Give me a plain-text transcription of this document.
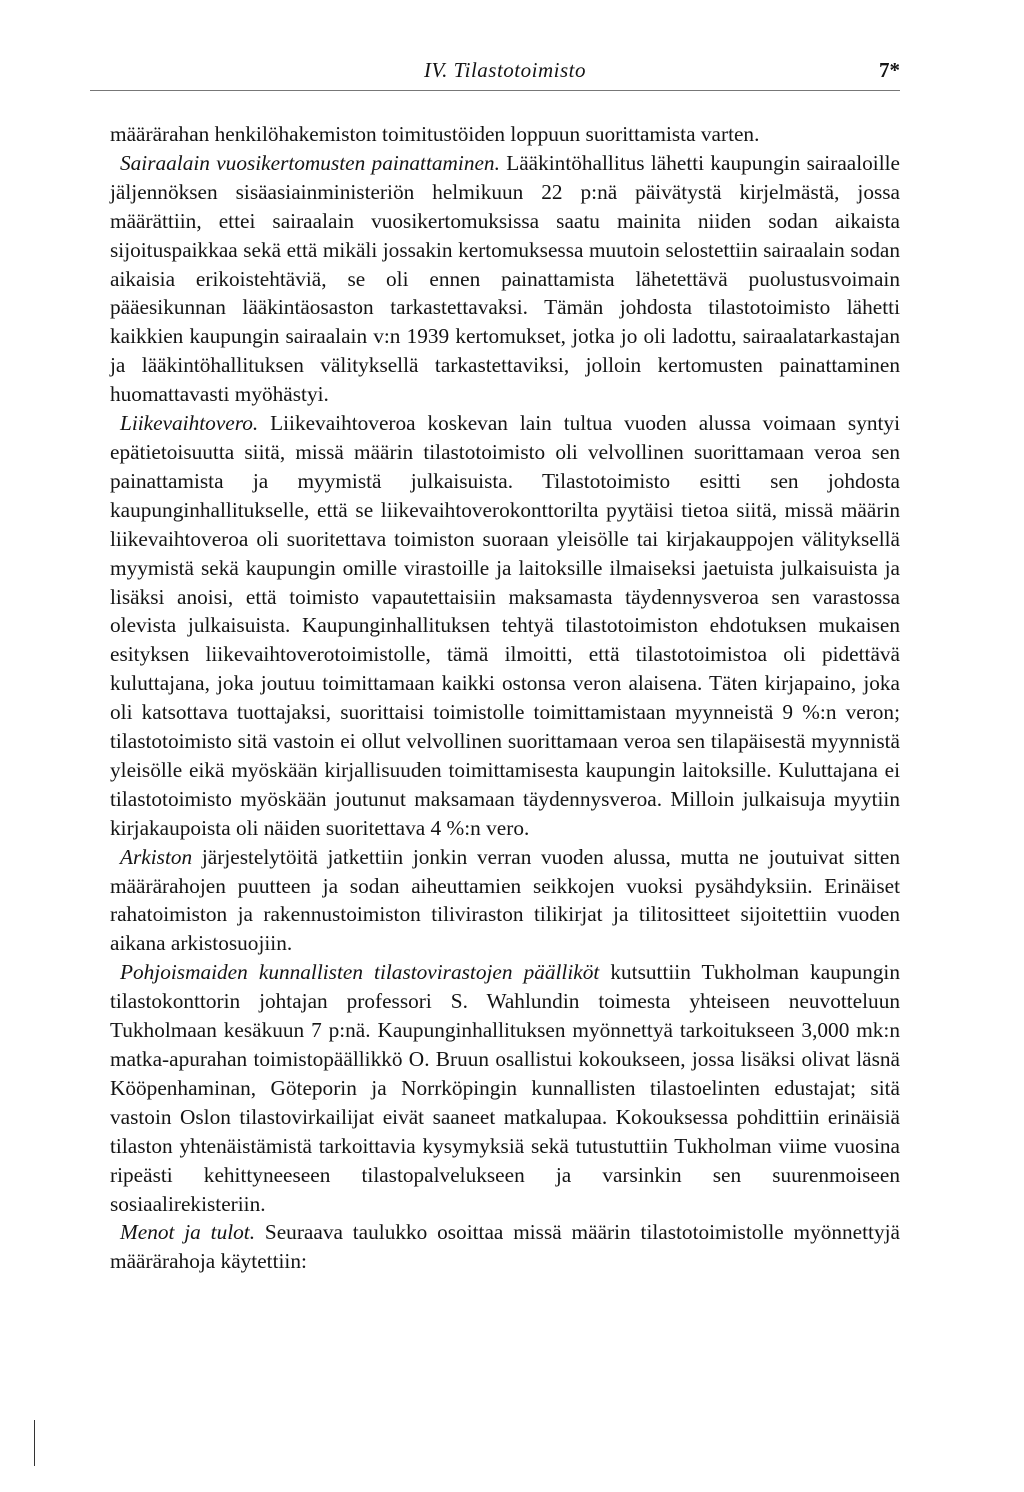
IV. Tilastotoimisto	7*

määrärahan henkilöhakemiston toimitustöiden loppuun suorittamista varten.

Sairaalain vuosikertomusten painattaminen. Lääkintöhallitus lähetti kaupungin sairaaloille jäljennöksen sisäasiainministeriön helmikuun 22 p:nä päivätystä kirjelmästä, jossa määrättiin, ettei sairaalain vuosikertomuksissa saatu mainita niiden sodan aikaista sijoituspaikkaa sekä että mikäli jossakin kertomuksessa muutoin selostettiin sairaalain sodan aikaisia erikoistehtäviä, se oli ennen painattamista lähetettävä puolustusvoimain pääesikunnan lääkintäosaston tarkastettavaksi. Tämän johdosta tilastotoimisto lähetti kaikkien kaupungin sairaalain v:n 1939 kertomukset, jotka jo oli ladottu, sairaalatarkastajan ja lääkintöhallituksen välityksellä tarkastettaviksi, jolloin kertomusten painattaminen huomattavasti myöhästyi.

Liikevaihtovero. Liikevaihtoveroa koskevan lain tultua vuoden alussa voimaan syntyi epätietoisuutta siitä, missä määrin tilastotoimisto oli velvollinen suorittamaan veroa sen painattamista ja myymistä julkaisuista. Tilastotoimisto esitti sen johdosta kaupunginhallitukselle, että se liikevaihtoverokonttorilta pyytäisi tietoa siitä, missä määrin liikevaihtoveroa oli suoritettava toimiston suoraan yleisölle tai kirjakauppojen välityksellä myymistä sekä kaupungin omille virastoille ja laitoksille ilmaiseksi jaetuista julkaisuista ja lisäksi anoisi, että toimisto vapautettaisiin maksamasta täydennysveroa sen varastossa olevista julkaisuista. Kaupunginhallituksen tehtyä tilastotoimiston ehdotuksen mukaisen esityksen liikevaihtoverotoimistolle, tämä ilmoitti, että tilastotoimistoa oli pidettävä kuluttajana, joka joutuu toimittamaan kaikki ostonsa veron alaisena. Täten kirjapaino, joka oli katsottava tuottajaksi, suorittaisi toimistolle toimittamistaan myynneistä 9 %:n veron; tilastotoimisto sitä vastoin ei ollut velvollinen suorittamaan veroa sen tilapäisestä myynnistä yleisölle eikä myöskään kirjallisuuden toimittamisesta kaupungin laitoksille. Kuluttajana ei tilastotoimisto myöskään joutunut maksamaan täydennysveroa. Milloin julkaisuja myytiin kirjakaupoista oli näiden suoritettava 4 %:n vero.

Arkiston järjestelytöitä jatkettiin jonkin verran vuoden alussa, mutta ne joutuivat sitten määrärahojen puutteen ja sodan aiheuttamien seikkojen vuoksi pysähdyksiin. Erinäiset rahatoimiston ja rakennustoimiston tiliviraston tilikirjat ja tilitositteet sijoitettiin vuoden aikana arkistosuojiin.

Pohjoismaiden kunnallisten tilastovirastojen päälliköt kutsuttiin Tukholman kaupungin tilastokonttorin johtajan professori S. Wahlundin toimesta yhteiseen neuvotteluun Tukholmaan kesäkuun 7 p:nä. Kaupunginhallituksen myönnettyä tarkoitukseen 3,000 mk:n matka-apurahan toimistopäällikkö O. Bruun osallistui kokoukseen, jossa lisäksi olivat läsnä Kööpenhaminan, Göteporin ja Norrköpingin kunnallisten tilastoelinten edustajat; sitä vastoin Oslon tilastovirkailijat eivät saaneet matkalupaa. Kokouksessa pohdittiin erinäisiä tilaston yhtenäistämistä tarkoittavia kysymyksiä sekä tutustuttiin Tukholman viime vuosina ripeästi kehittyneeseen tilastopalvelukseen ja varsinkin sen suurenmoiseen sosiaalirekisteriin.

Menot ja tulot. Seuraava taulukko osoittaa missä määrin tilastotoimistolle myönnettyjä määrärahoja käytettiin:
